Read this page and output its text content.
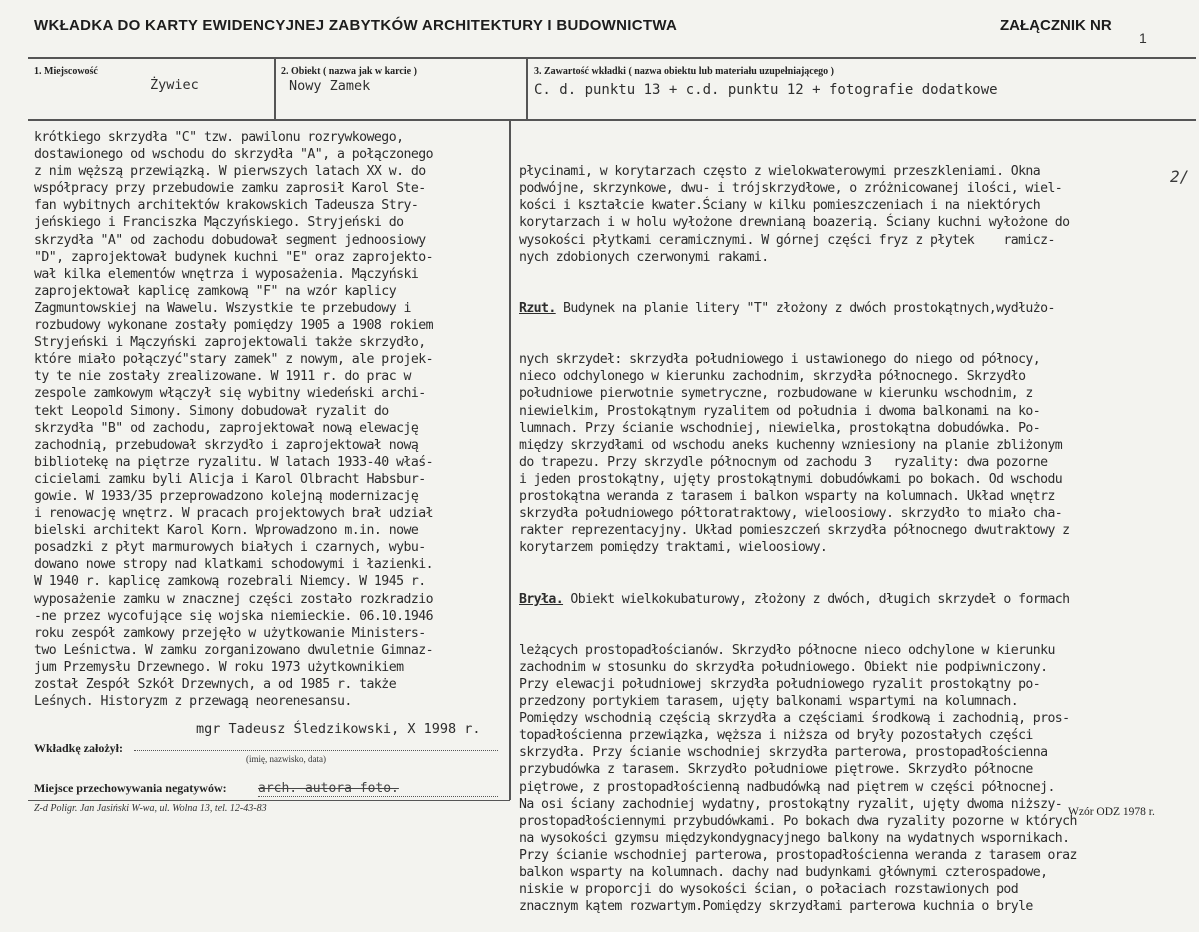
WKŁADKA DO KARTY EWIDENCYJNEJ ZABYTKÓW ARCHITEKTURY I BUDOWNICTWA	ZAŁĄCZNIK NR
1
1. Miejscowość
Żywiec
2. Obiekt ( nazwa jak w karcie )
Nowy Zamek
3. Zawartość wkładki ( nazwa obiektu lub materiału uzupełniającego )
C. d. punktu 13 + c.d. punktu 12 + fotografie dodatkowe
krótkiego skrzydła "C" tzw. pawilonu rozrywkowego,
dostawionego od wschodu do skrzydła "A", a połączonego
z nim węższą przewiązką. W pierwszych latach XX w. do
współpracy przy przebudowie zamku zaprosił Karol Ste-
fan wybitnych architektów krakowskich Tadeusza Stry-
jeńskiego i Franciszka Mączyńskiego. Stryjeński do
skrzydła "A" od zachodu dobudował segment jednoosiowy
"D", zaprojektował budynek kuchni "E" oraz zaprojekto-
wał kilka elementów wnętrza i wyposażenia. Mączyński
zaprojektował kaplicę zamkową "F" na wzór kaplicy
Zagmuntowskiej na Wawelu. Wszystkie te przebudowy i
rozbudowy wykonane zostały pomiędzy 1905 a 1908 rokiem
Stryjeński i Mączyński zaprojektowali także skrzydło,
które miało połączyć"stary zamek" z nowym, ale projek-
ty te nie zostały zrealizowane. W 1911 r. do prac w
zespole zamkowym włączył się wybitny wiedeński archi-
tekt Leopold Simony. Simony dobudował ryzalit do
skrzydła "B" od zachodu, zaprojektował nową elewację
zachodnią, przebudował skrzydło i zaprojektował nową
bibliotekę na piętrze ryzalitu. W latach 1933-40 właś-
cicielami zamku byli Alicja i Karol Olbracht Habsbur-
gowie. W 1933/35 przeprowadzono kolejną modernizację
i renowację wnętrz. W pracach projektowych brał udział
bielski architekt Karol Korn. Wprowadzono m.in. nowe
posadzki z płyt marmurowych białych i czarnych, wybu-
dowano nowe stropy nad klatkami schodowymi i łazienki.
W 1940 r. kaplicę zamkową rozebrali Niemcy. W 1945 r.
wyposażenie zamku w znacznej części zostało rozkradzio
-ne przez wycofujące się wojska niemieckie. 06.10.1946
roku zespół zamkowy przejęło w użytkowanie Ministers-
two Leśnictwa. W zamku zorganizowano dwuletnie Gimnaz-
jum Przemysłu Drzewnego. W roku 1973 użytkownikiem
został Zespół Szkół Drzewnych, a od 1985 r. także
Leśnych. Historyzm z przewagą neorenesansu.

płycinami, w korytarzach często z wielokwaterowymi przeszkleniami. Okna
podwójne, skrzynkowe, dwu- i trójskrzydłowe, o zróżnicowanej ilości, wiel-
kości i kształcie kwater.Ściany w kilku pomieszczeniach i na niektórych
korytarzach i w holu wyłożone drewnianą boazerią. Ściany kuchni wyłożone do
wysokości płytkami ceramicznymi. W górnej części fryz z płytek    ramicz-
nych zdobionych czerwonymi rakami.

Rzut. Budynek na planie litery "T" złożony z dwóch prostokątnych,wydłużo-

nych skrzydeł: skrzydła południowego i ustawionego do niego od północy,
nieco odchylonego w kierunku zachodnim, skrzydła północnego. Skrzydło
południowe pierwotnie symetryczne, rozbudowane w kierunku wschodnim, z
niewielkim, Prostokątnym ryzalitem od południa i dwoma balkonami na ko-
lumnach. Przy ścianie wschodniej, niewielka, prostokątna dobudówka. Po-
między skrzydłami od wschodu aneks kuchenny wzniesiony na planie zbliżonym
do trapezu. Przy skrzydle północnym od zachodu 3   ryzality: dwa pozorne
i jeden prostokątny, ujęty prostokątnymi dobudówkami po bokach. Od wschodu
prostokątna weranda z tarasem i balkon wsparty na kolumnach. Układ wnętrz
skrzydła południowego półtoratraktowy, wieloosiowy. skrzydło to miało cha-
rakter reprezentacyjny. Układ pomieszczeń skrzydła północnego dwutraktowy z
korytarzem pomiędzy traktami, wieloosiowy.

Bryła. Obiekt wielkokubaturowy, złożony z dwóch, długich skrzydeł o formach

leżących prostopadłościanów. Skrzydło północne nieco odchylone w kierunku
zachodnim w stosunku do skrzydła południowego. Obiekt nie podpiwniczony.
Przy elewacji południowej skrzydła południowego ryzalit prostokątny po-
przedzony portykiem tarasem, ujęty balkonami wspartymi na kolumnach.
Pomiędzy wschodnią częścią skrzydła a częściami środkową i zachodnią, pros-
topadłościenna przewiązka, węższa i niższa od bryły pozostałych części
skrzydła. Przy ścianie wschodniej skrzydła parterowa, prostopadłościenna
przybudówka z tarasem. Skrzydło południowe piętrowe. Skrzydło północne
piętrowe, z prostopadłościenną nadbudówką nad piętrem w części północnej.
Na osi ściany zachodniej wydatny, prostokątny ryzalit, ujęty dwoma niższy-
prostopadłościennymi przybudówkami. Po bokach dwa ryzality pozorne w których
na wysokości gzymsu międzykondygnacyjnego balkony na wydatnych wspornikach.
Przy ścianie wschodniej parterowa, prostopadłościenna weranda z tarasem oraz
balkon wsparty na kolumnach. dachy nad budynkami głównymi czterospadowe,
niskie w proporcji do wysokości ścian, o połaciach rozstawionych pod
znacznym kątem rozwartym.Pomiędzy skrzydłami parterowa kuchnia o bryle

2/
mgr Tadeusz Śledzikowski, X 1998 r.
Wkładkę założył:
(imię, nazwisko, data)
Miejsce przechowywania negatywów: arch. autora foto.
Z-d Poligr. Jan Jasiński W-wa, ul. Wolna 13, tel. 12-43-83	Wzór ODZ 1978 r.
